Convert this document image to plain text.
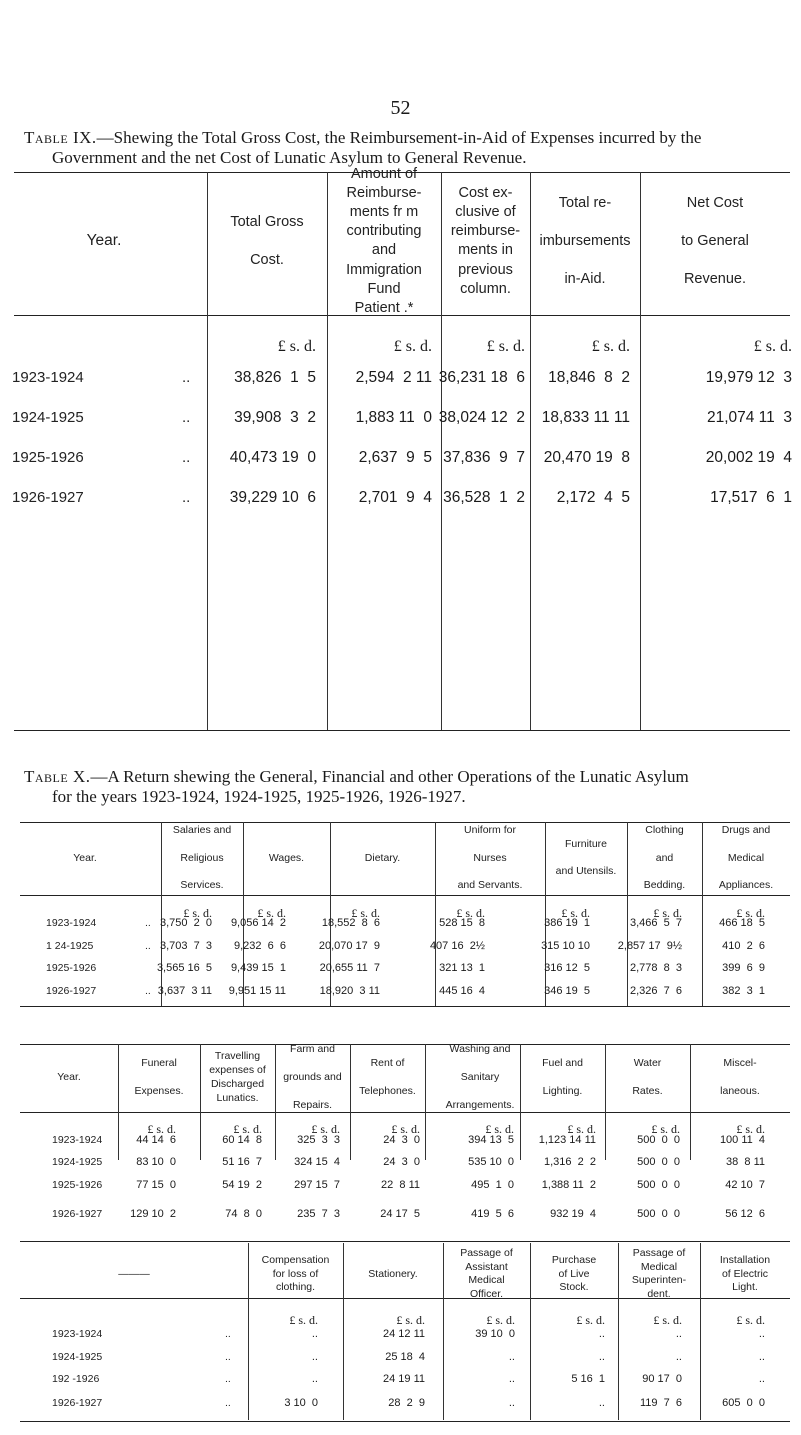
52
Table IX.—Shewing the Total Gross Cost, the Reimbursement-in-Aid of Expenses incurred by the
Government and the net Cost of Lunatic Asylum to General Revenue.
Table X.—A Return shewing the General, Financial and other Operations of the Lunatic Asylum
for the years 1923-1924, 1924-1925, 1925-1926, 1926-1927.
Year.
Total Gross

Cost.
Amount of
Reimburse-
ments fr m
contributing
and
Immigration
Fund
Patient .*
Cost ex-
clusive of
reimburse-
ments in
previous
column.
Total re-

imbursements

in-Aid.
Net Cost

to General

Revenue.
£ s. d.	£ s. d.	£ s. d.	£ s. d.	£ s. d.
1923-1924	..	38,826  1  5	2,594  2 11 36,231 18  6	18,846  8  2	19,979 12  3
1924-1925	..	39,908  3  2	1,883 11  0 38,024 12  2	18,833 11 11	21,074 11  3
1925-1926	..	40,473 19  0	2,637  9  5 37,836  9  7	20,470 19  8	20,002 19  4
1926-1927	..	39,229 10  6	2,701  9  4 36,528  1  2	2,172  4  5	17,517  6  1
Year.
Salaries and

Religious

Services.
Wages.	Dietary.
Uniform for

Nurses

and Servants.
Furniture

and Utensils.
Clothing

and

Bedding.
Drugs and

Medical

Appliances.
£ s. d.	£ s. d.	£ s. d.	£ s. d.	£ s. d.	£ s. d.	£ s. d.
1923-1924	.. 3,750  2  0	9,056 14  2	18,552  8  6	528 15  8	386 19  1	3,466  5  7	466 18  5
1 24-1925	.. 3,703  7  3	9,232  6  6	20,070 17  9	407 16  2½	315 10 10	2,857 17  9½	410  2  6
1925-1926	3,565 16  5	9,439 15  1	20,655 11  7	321 13  1	316 12  5	2,778  8  3	399  6  9
1926-1927	.. 3,637  3 11	9,951 15 11	18,920  3 11	445 16  4	346 19  5	2,326  7  6	382  3  1
Year.
Funeral

Expenses.
Travelling
expenses of
Discharged
Lunatics.
Farm and

grounds and

Repairs.
Rent of

Telephones.
Washing and

Sanitary

Arrangements.
Fuel and

Lighting.
Water

Rates.
Miscel-

laneous.
£ s. d.	£ s. d.	£ s. d.	£ s. d.	£ s. d.	£ s. d.	£ s. d.	£ s. d.
1923-1924	44 14  6	60 14  8	325  3  3	24  3  0	394 13  5	1,123 14 11	500  0  0	100 11  4
1924-1925	83 10  0	51 16  7	324 15  4	24  3  0	535 10  0	1,316  2  2	500  0  0	38  8 11
1925-1926	77 15  0	54 19  2	297 15  7	22  8 11	495  1  0	1,388 11  2	500  0  0	42 10  7
1926-1927	129 10  2	74  8  0	235  7  3	24 17  5	419  5  6	932 19  4	500  0  0	56 12  6
———
Compensation
for loss of
clothing.
Stationery.
Passage of
Assistant
Medical
Officer.
Purchase
of Live
Stock.
Passage of
Medical
Superinten-
dent.
Installation
of Electric
Light.
£ s. d.	£ s. d.	£ s. d.	£ s. d.	£ s. d.	£ s. d.
1923-1924	..	..	24 12 11	39 10  0	..	..	..
1924-1925	..	..	25 18  4	..	..	..	..
192 -1926	..	..	24 19 11	..	5 16  1	90 17  0	..
1926-1927	..	3 10  0	28  2  9	..	..	119  7  6	605  0  0
